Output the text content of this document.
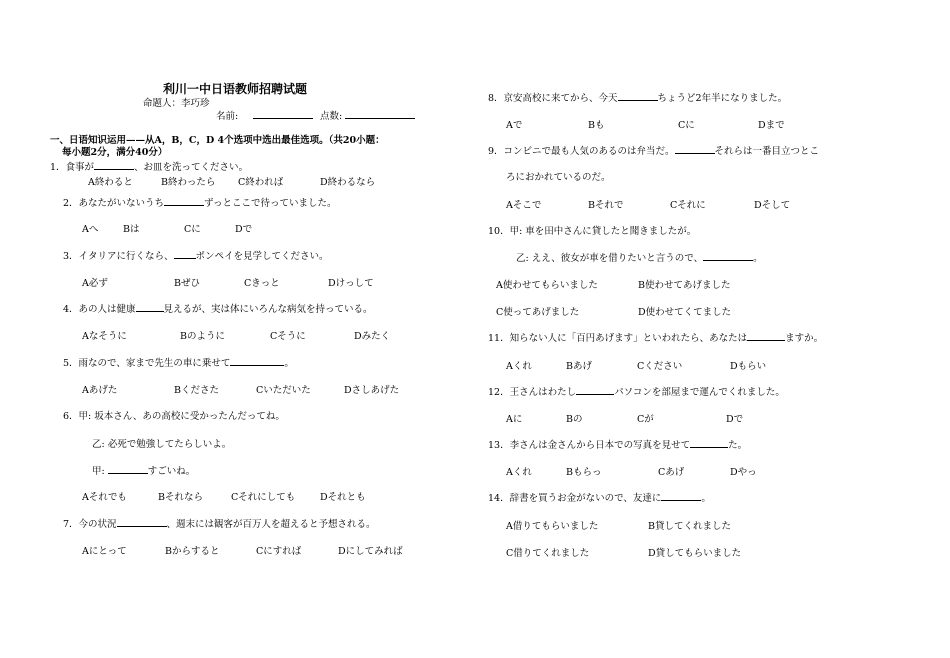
利川一中日语教师招聘试题
命题人：李巧珍
名前:	点数:
一、日语知识运用——从A，B，C，D 4个选项中选出最佳选项。（共20小题：
每小题2分，满分40分）
1．食事が	、お皿を洗ってください。
A終わると	B終わったら C終われば	D終わるなら
2．あなたがいないうち	ずっとここで待っていました。
Aへ	Bは	Cに	Dで
3．イタリアに行くなら、 ポンペイを見学してください。
A必ず	Bぜひ	Cきっと	Dけっして
4．あの人は健康	見えるが、実は体にいろんな病気を持っている。
Aなそうに	Bのように	Cそうに	Dみたく
5．雨なので、家まで先生の車に乗せて	。
Aあげた	Bくださた	Cいただいた	Dさしあげた
6．甲: 坂本さん、あの高校に受かったんだってね。
乙: 必死で勉強してたらしいよ。
甲:	すごいね。
Aそれでも	Bそれなら	Cそれにしても	Dそれとも
7．今の状況	、週末には観客が百万人を超えると予想される。
Aにとって	Bからすると	Cにすれば	Dにしてみれば
8．京安高校に来てから、今天	ちょうど2年半になりました。
Aで	Bも	Cに	Dまで
9．コンビニで最も人気のあるのは弁当だ。	それらは一番目立つとこ
ろにおかれているのだ。
Aそこで	Bそれで	Cそれに	Dそして
10．甲: 車を田中さんに貸したと聞きましたが。
乙: ええ、彼女が車を借りたいと言うので、	。
A使わせてもらいました	B使わせてあげました
C使ってあげました	D使わせてくてました
11．知らない人に「百円あげます」といわれたら、あなたは	ますか。
Aくれ	Bあげ	Cください	Dもらい
12．王さんはわたし	パソコンを部屋まで運んでくれました。
Aに	Bの	Cが	Dで
13．李さんは金さんから日本での写真を見せて	た。
Aくれ	Bもらっ	Cあげ	Dやっ
14．辞書を買うお金がないので、友達に	。
A借りてもらいました	B貸してくれました
C借りてくれました	D貸してもらいました
